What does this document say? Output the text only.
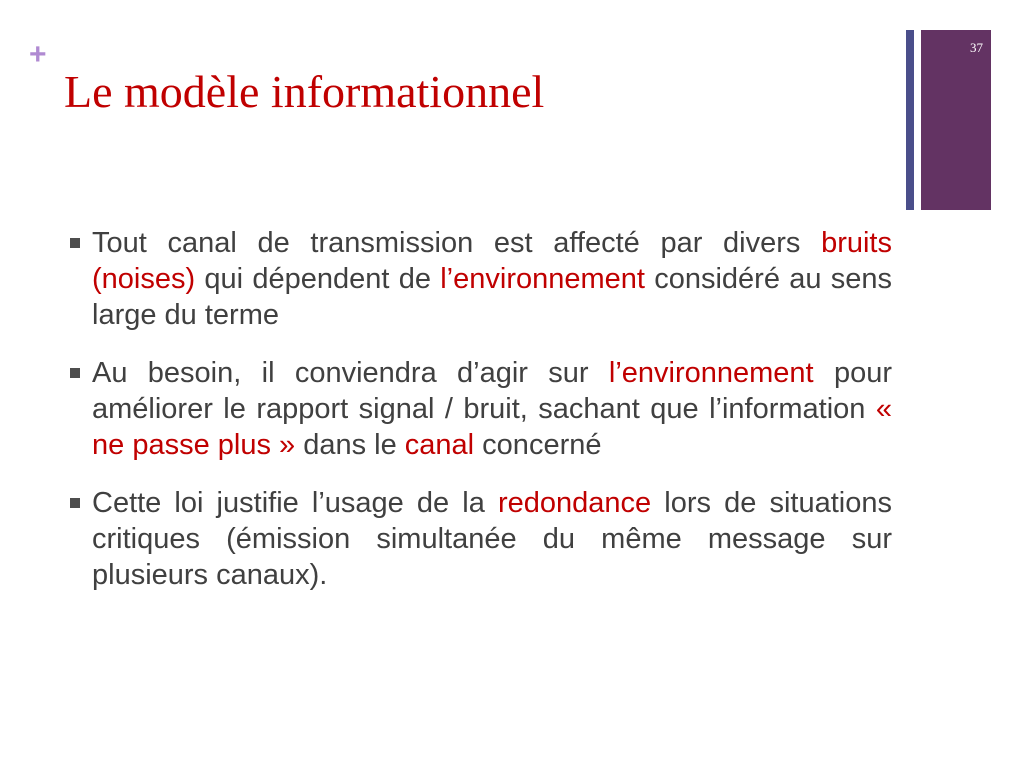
+
Le modèle informationnel
37
Tout canal de transmission est affecté par divers bruits (noises) qui dépendent de l’environnement considéré au sens large du terme
Au besoin, il conviendra d’agir sur l’environnement pour améliorer le rapport signal / bruit, sachant que l’information « ne passe plus » dans le canal concerné
Cette loi justifie l’usage de la redondance lors de situations critiques (émission simultanée du même message sur plusieurs canaux).
